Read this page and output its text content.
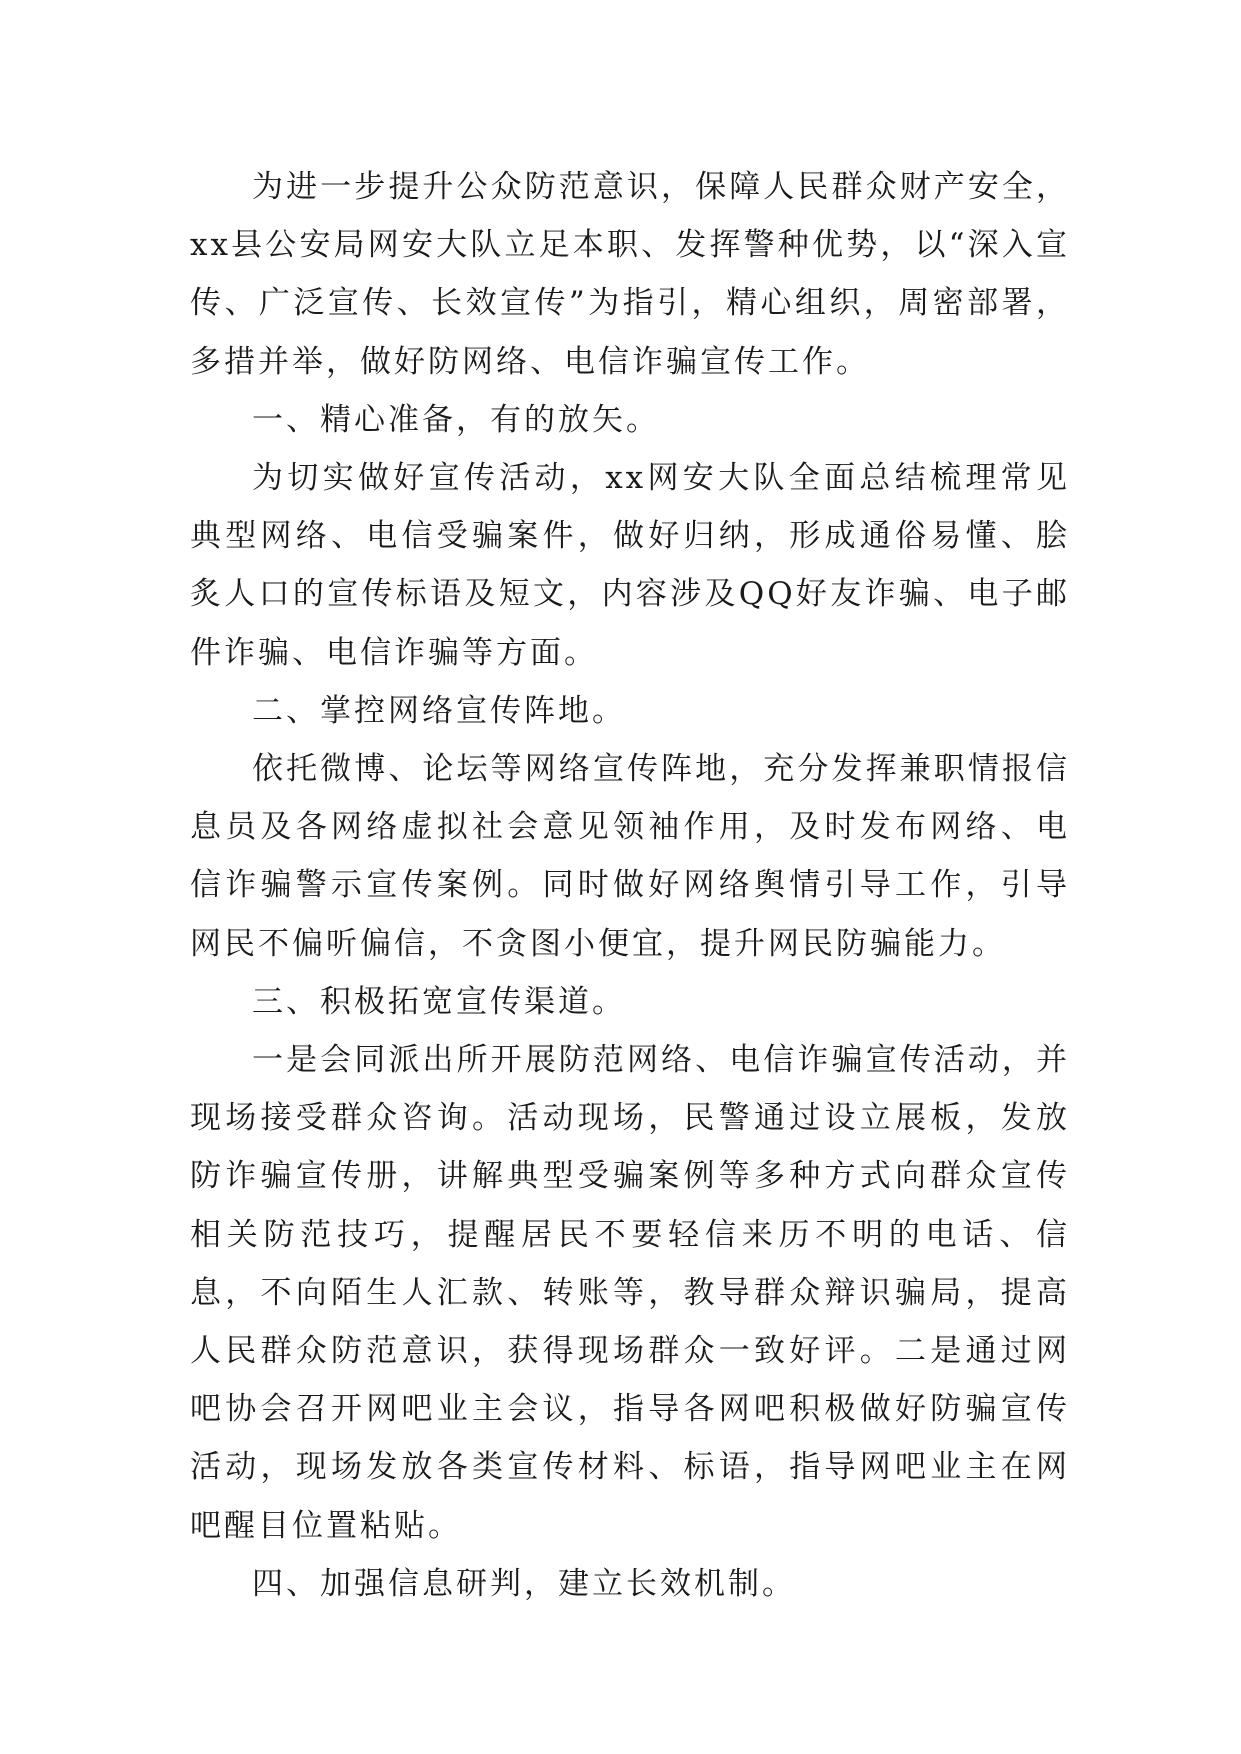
为进一步提升公众防范意识，保障人民群众财产安全，xx县公安局网安大队立足本职、发挥警种优势，以“深入宣传、广泛宣传、长效宣传”为指引，精心组织，周密部署，多措并举，做好防网络、电信诈骗宣传工作。

一、精心准备，有的放矢。

为切实做好宣传活动，xx网安大队全面总结梳理常见典型网络、电信受骗案件，做好归纳，形成通俗易懂、脍炙人口的宣传标语及短文，内容涉及QQ好友诈骗、电子邮件诈骗、电信诈骗等方面。

二、掌控网络宣传阵地。

依托微博、论坛等网络宣传阵地，充分发挥兼职情报信息员及各网络虚拟社会意见领袖作用，及时发布网络、电信诈骗警示宣传案例。同时做好网络舆情引导工作，引导网民不偏听偏信，不贪图小便宜，提升网民防骗能力。

三、积极拓宽宣传渠道。

一是会同派出所开展防范网络、电信诈骗宣传活动，并现场接受群众咨询。活动现场，民警通过设立展板，发放防诈骗宣传册，讲解典型受骗案例等多种方式向群众宣传相关防范技巧，提醒居民不要轻信来历不明的电话、信息，不向陌生人汇款、转账等，教导群众辩识骗局，提高人民群众防范意识，获得现场群众一致好评。二是通过网吧协会召开网吧业主会议，指导各网吧积极做好防骗宣传活动，现场发放各类宣传材料、标语，指导网吧业主在网吧醒目位置粘贴。

四、加强信息研判，建立长效机制。
